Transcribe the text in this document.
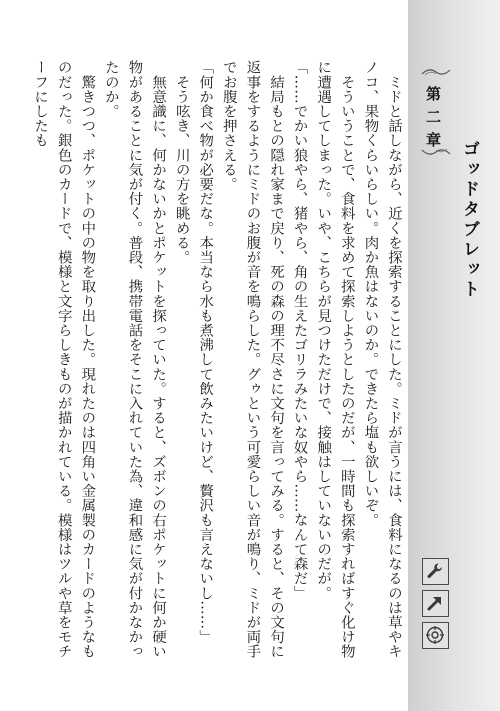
　ミドと話しながら、近くを探索することにした。ミドが言うには、食料になるのは草やキノコ、果物くらいらしい。肉か魚はないのか。できたら塩も欲しいぞ。

　そういうことで、食料を求めて探索しようとしたのだが、一時間も探索すればすぐ化け物に遭遇してしまった。いや、こちらが見つけただけで、接触はしていないのだが。

「……でかい狼やら、猪やら、角の生えたゴリラみたいな奴やら……なんて森だ」

　結局もとの隠れ家まで戻り、死の森の理不尽さに文句を言ってみる。すると、その文句に返事をするようにミドのお腹が音を鳴らした。グゥという可愛らしい音が鳴り、ミドが両手でお腹を押さえる。

「何か食べ物が必要だな。本当なら水も煮沸して飲みたいけど、贅沢も言えないし……」

　そう呟き、川の方を眺める。

　無意識に、何かないかとポケットを探っていた。すると、ズボンの右ポケットに何か硬い物があることに気が付く。普段、携帯電話をそこに入れていた為、違和感に気が付かなかったのか。

　驚きつつ、ポケットの中の物を取り出した。現れたのは四角い金属製のカードのようなものだった。銀色のカードで、模様と文字らしきものが描かれている。模様はツルや草をモチーフにしたも	第二章
ゴッドタブレット
